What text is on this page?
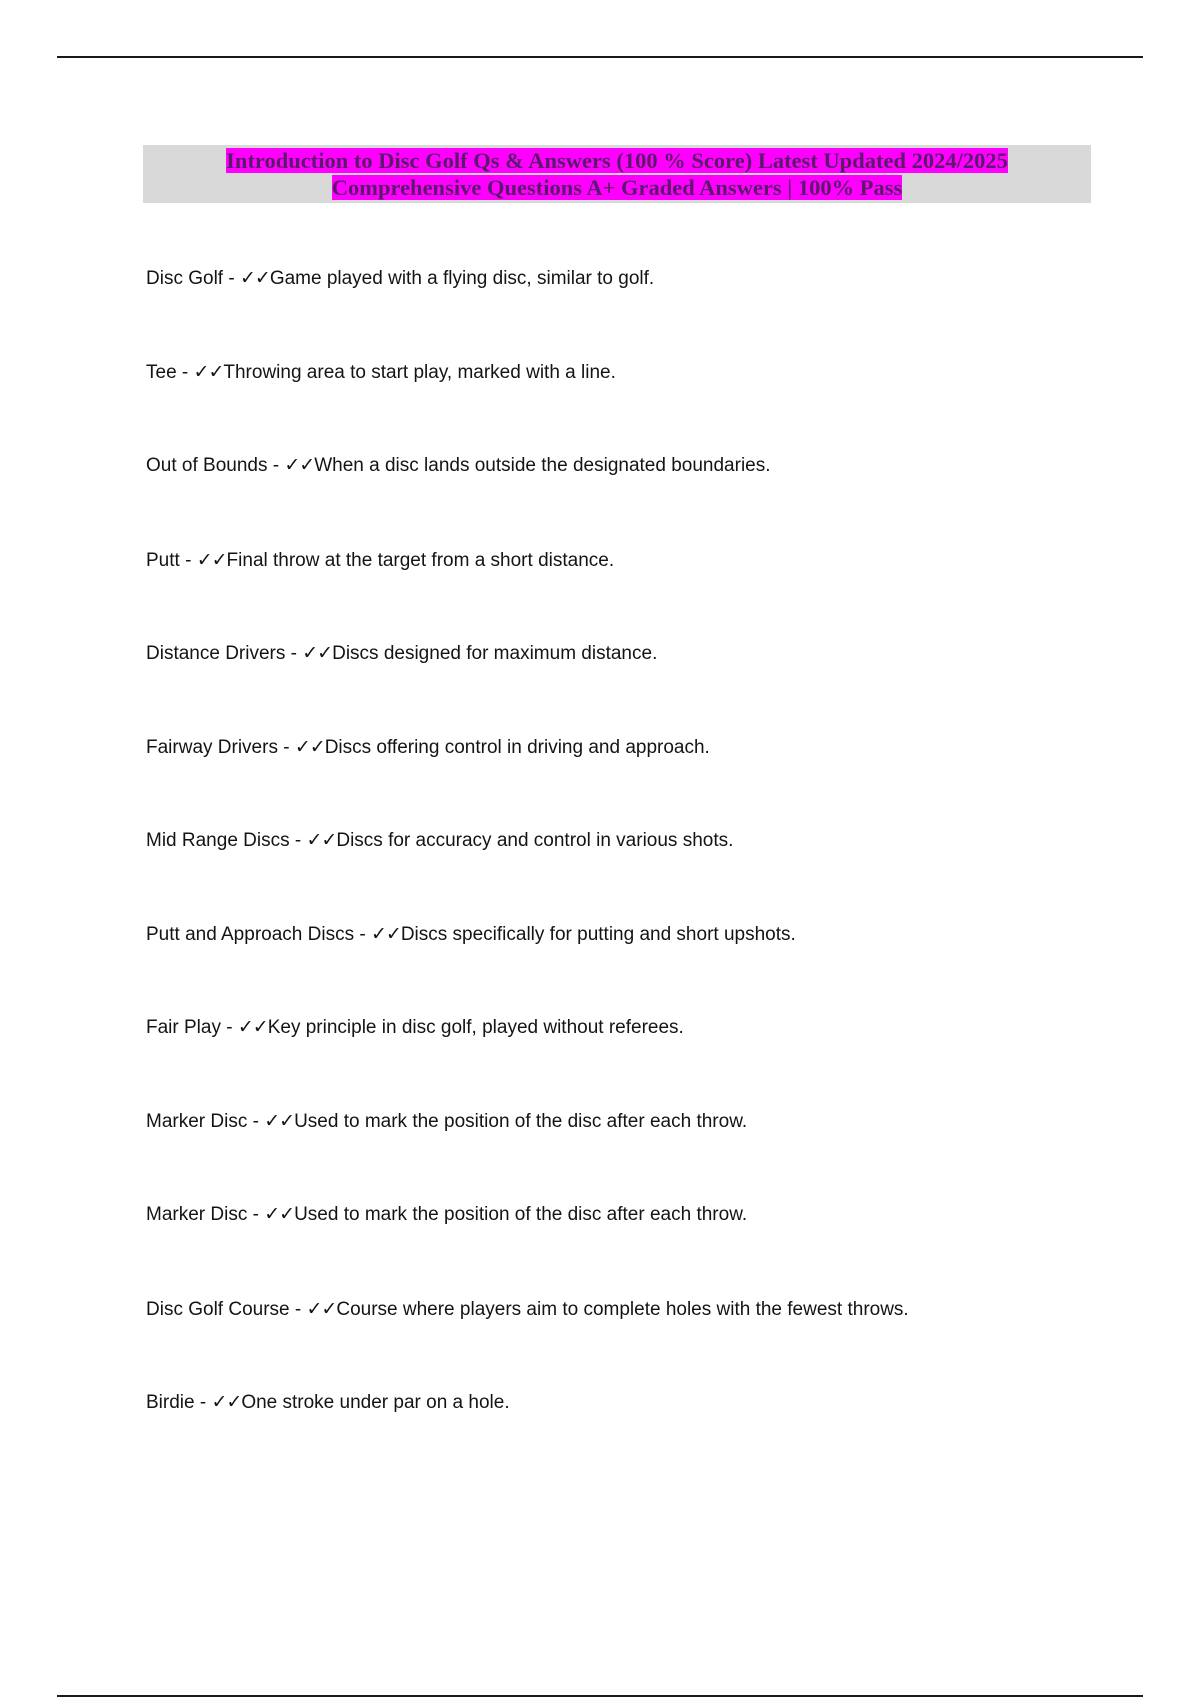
Introduction to Disc Golf Qs & Answers (100 % Score) Latest Updated 2024/2025
Comprehensive Questions A+ Graded Answers | 100% Pass
Disc Golf - ✓✓Game played with a flying disc, similar to golf.
Tee - ✓✓Throwing area to start play, marked with a line.
Out of Bounds - ✓✓When a disc lands outside the designated boundaries.
Putt - ✓✓Final throw at the target from a short distance.
Distance Drivers - ✓✓Discs designed for maximum distance.
Fairway Drivers - ✓✓Discs offering control in driving and approach.
Mid Range Discs - ✓✓Discs for accuracy and control in various shots.
Putt and Approach Discs - ✓✓Discs specifically for putting and short upshots.
Fair Play - ✓✓Key principle in disc golf, played without referees.
Marker Disc - ✓✓Used to mark the position of the disc after each throw.
Marker Disc - ✓✓Used to mark the position of the disc after each throw.
Disc Golf Course - ✓✓Course where players aim to complete holes with the fewest throws.
Birdie - ✓✓One stroke under par on a hole.
